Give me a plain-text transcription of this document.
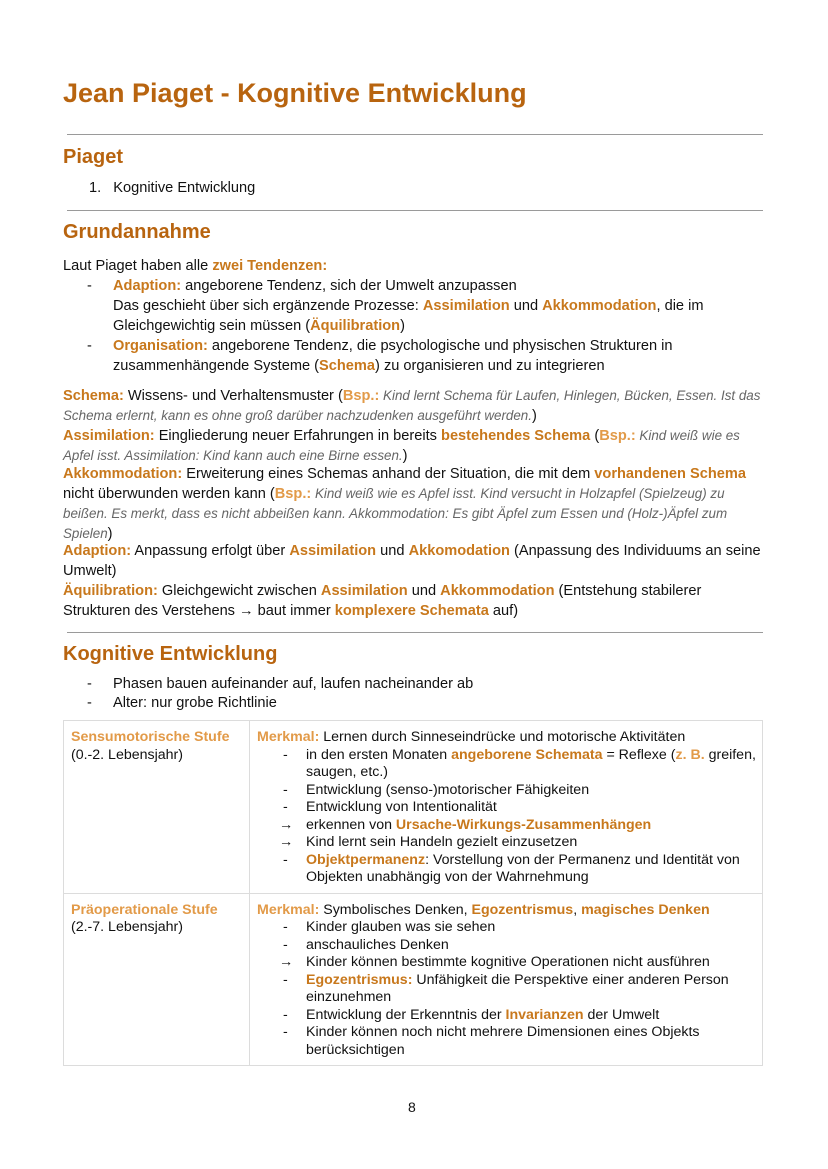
Jean Piaget - Kognitive Entwicklung
Piaget
1. Kognitive Entwicklung
Grundannahme
Laut Piaget haben alle zwei Tendenzen:
- Adaption: angeborene Tendenz, sich der Umwelt anzupassen
Das geschieht über sich ergänzende Prozesse: Assimilation und Akkommodation, die im
Gleichgewichtig sein müssen (Äquilibration)
- Organisation: angeborene Tendenz, die psychologische und physischen Strukturen in
zusammenhängende Systeme (Schema) zu organisieren und zu integrieren
Schema: Wissens- und Verhaltensmuster (Bsp.: Kind lernt Schema für Laufen, Hinlegen, Bücken, Essen. Ist das Schema erlernt, kann es ohne groß darüber nachzudenken ausgeführt werden.)
Assimilation: Eingliederung neuer Erfahrungen in bereits bestehendes Schema (Bsp.: Kind weiß wie es Apfel isst. Assimilation: Kind kann auch eine Birne essen.)
Akkommodation: Erweiterung eines Schemas anhand der Situation, die mit dem vorhandenen Schema nicht überwunden werden kann (Bsp.: Kind weiß wie es Apfel isst. Kind versucht in Holzapfel (Spielzeug) zu beißen. Es merkt, dass es nicht abbeißen kann. Akkommodation: Es gibt Äpfel zum Essen und (Holz-)Äpfel zum Spielen)
Adaption: Anpassung erfolgt über Assimilation und Akkomodation (Anpassung des Individuums an seine Umwelt)
Äquilibration: Gleichgewicht zwischen Assimilation und Akkommodation (Entstehung stabilerer Strukturen des Verstehens → baut immer komplexere Schemata auf)
Kognitive Entwicklung
- Phasen bauen aufeinander auf, laufen nacheinander ab
- Alter: nur grobe Richtlinie
Sensumotorische Stufe
(0.-2. Lebensjahr)

Merkmal: Lernen durch Sinneseindrücke und motorische Aktivitäten
-	in den ersten Monaten angeborene Schemata = Reflexe (z. B. greifen, saugen, etc.)
-	Entwicklung (senso-)motorischer Fähigkeiten
-	Entwicklung von Intentionalität
→ erkennen von Ursache-Wirkungs-Zusammenhängen
→ Kind lernt sein Handeln gezielt einzusetzen
-	Objektpermanenz: Vorstellung von der Permanenz und Identität von Objekten unabhängig von der Wahrnehmung

Präoperationale Stufe
(2.-7. Lebensjahr)

Merkmal: Symbolisches Denken, Egozentrismus, magisches Denken
-	Kinder glauben was sie sehen
-	anschauliches Denken
→ Kinder können bestimmte kognitive Operationen nicht ausführen
-	Egozentrismus: Unfähigkeit die Perspektive einer anderen Person einzunehmen
-	Entwicklung der Erkenntnis der Invarianzen der Umwelt
-	Kinder können noch nicht mehrere Dimensionen eines Objekts berücksichtigen
8
